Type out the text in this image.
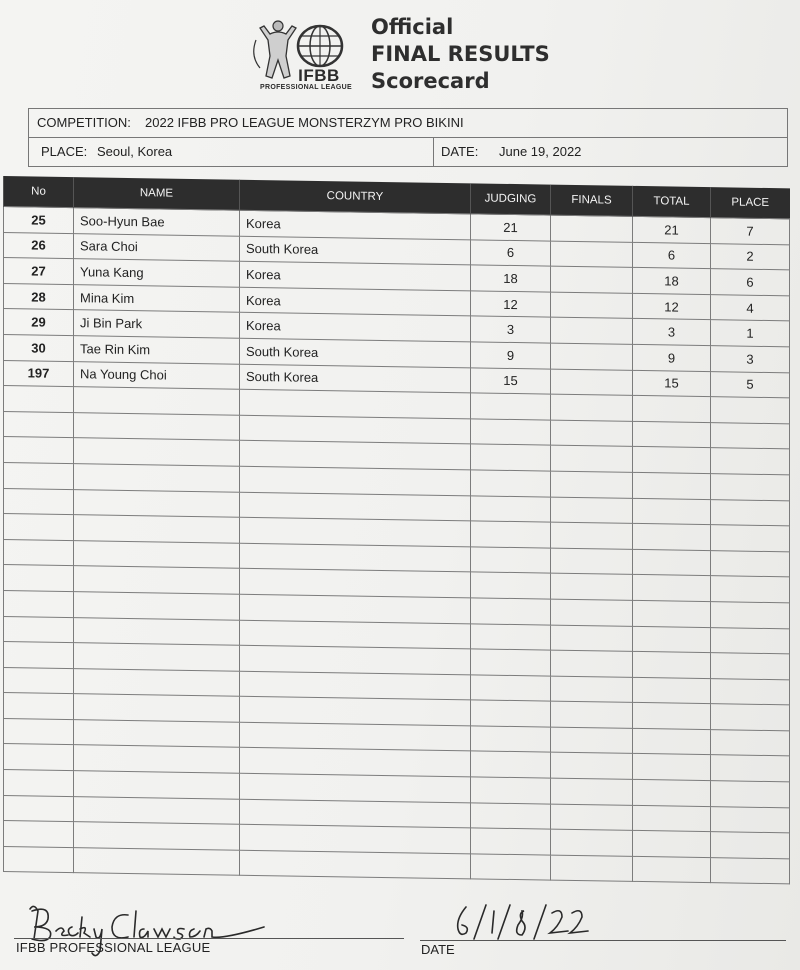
IFBB
PROFESSIONAL LEAGUE
Official
FINAL RESULTS
Scorecard
COMPETITION: 2022 IFBB PRO LEAGUE MONSTERZYM PRO BIKINI
PLACE: Seoul, Korea	DATE: June 19, 2022
No	NAME	COUNTRY	JUDGING	FINALS	TOTAL	PLACE
25	Soo-Hyun Bae	Korea	21		21	7
26	Sara Choi	South Korea	6		6	2
27	Yuna Kang	Korea	18		18	6
28	Mina Kim	Korea	12		12	4
29	Ji Bin Park	Korea	3		3	1
30	Tae Rin Kim	South Korea	9		9	3
197	Na Young Choi	South Korea	15		15	5

IFBB PROFESSIONAL LEAGUE	DATE
